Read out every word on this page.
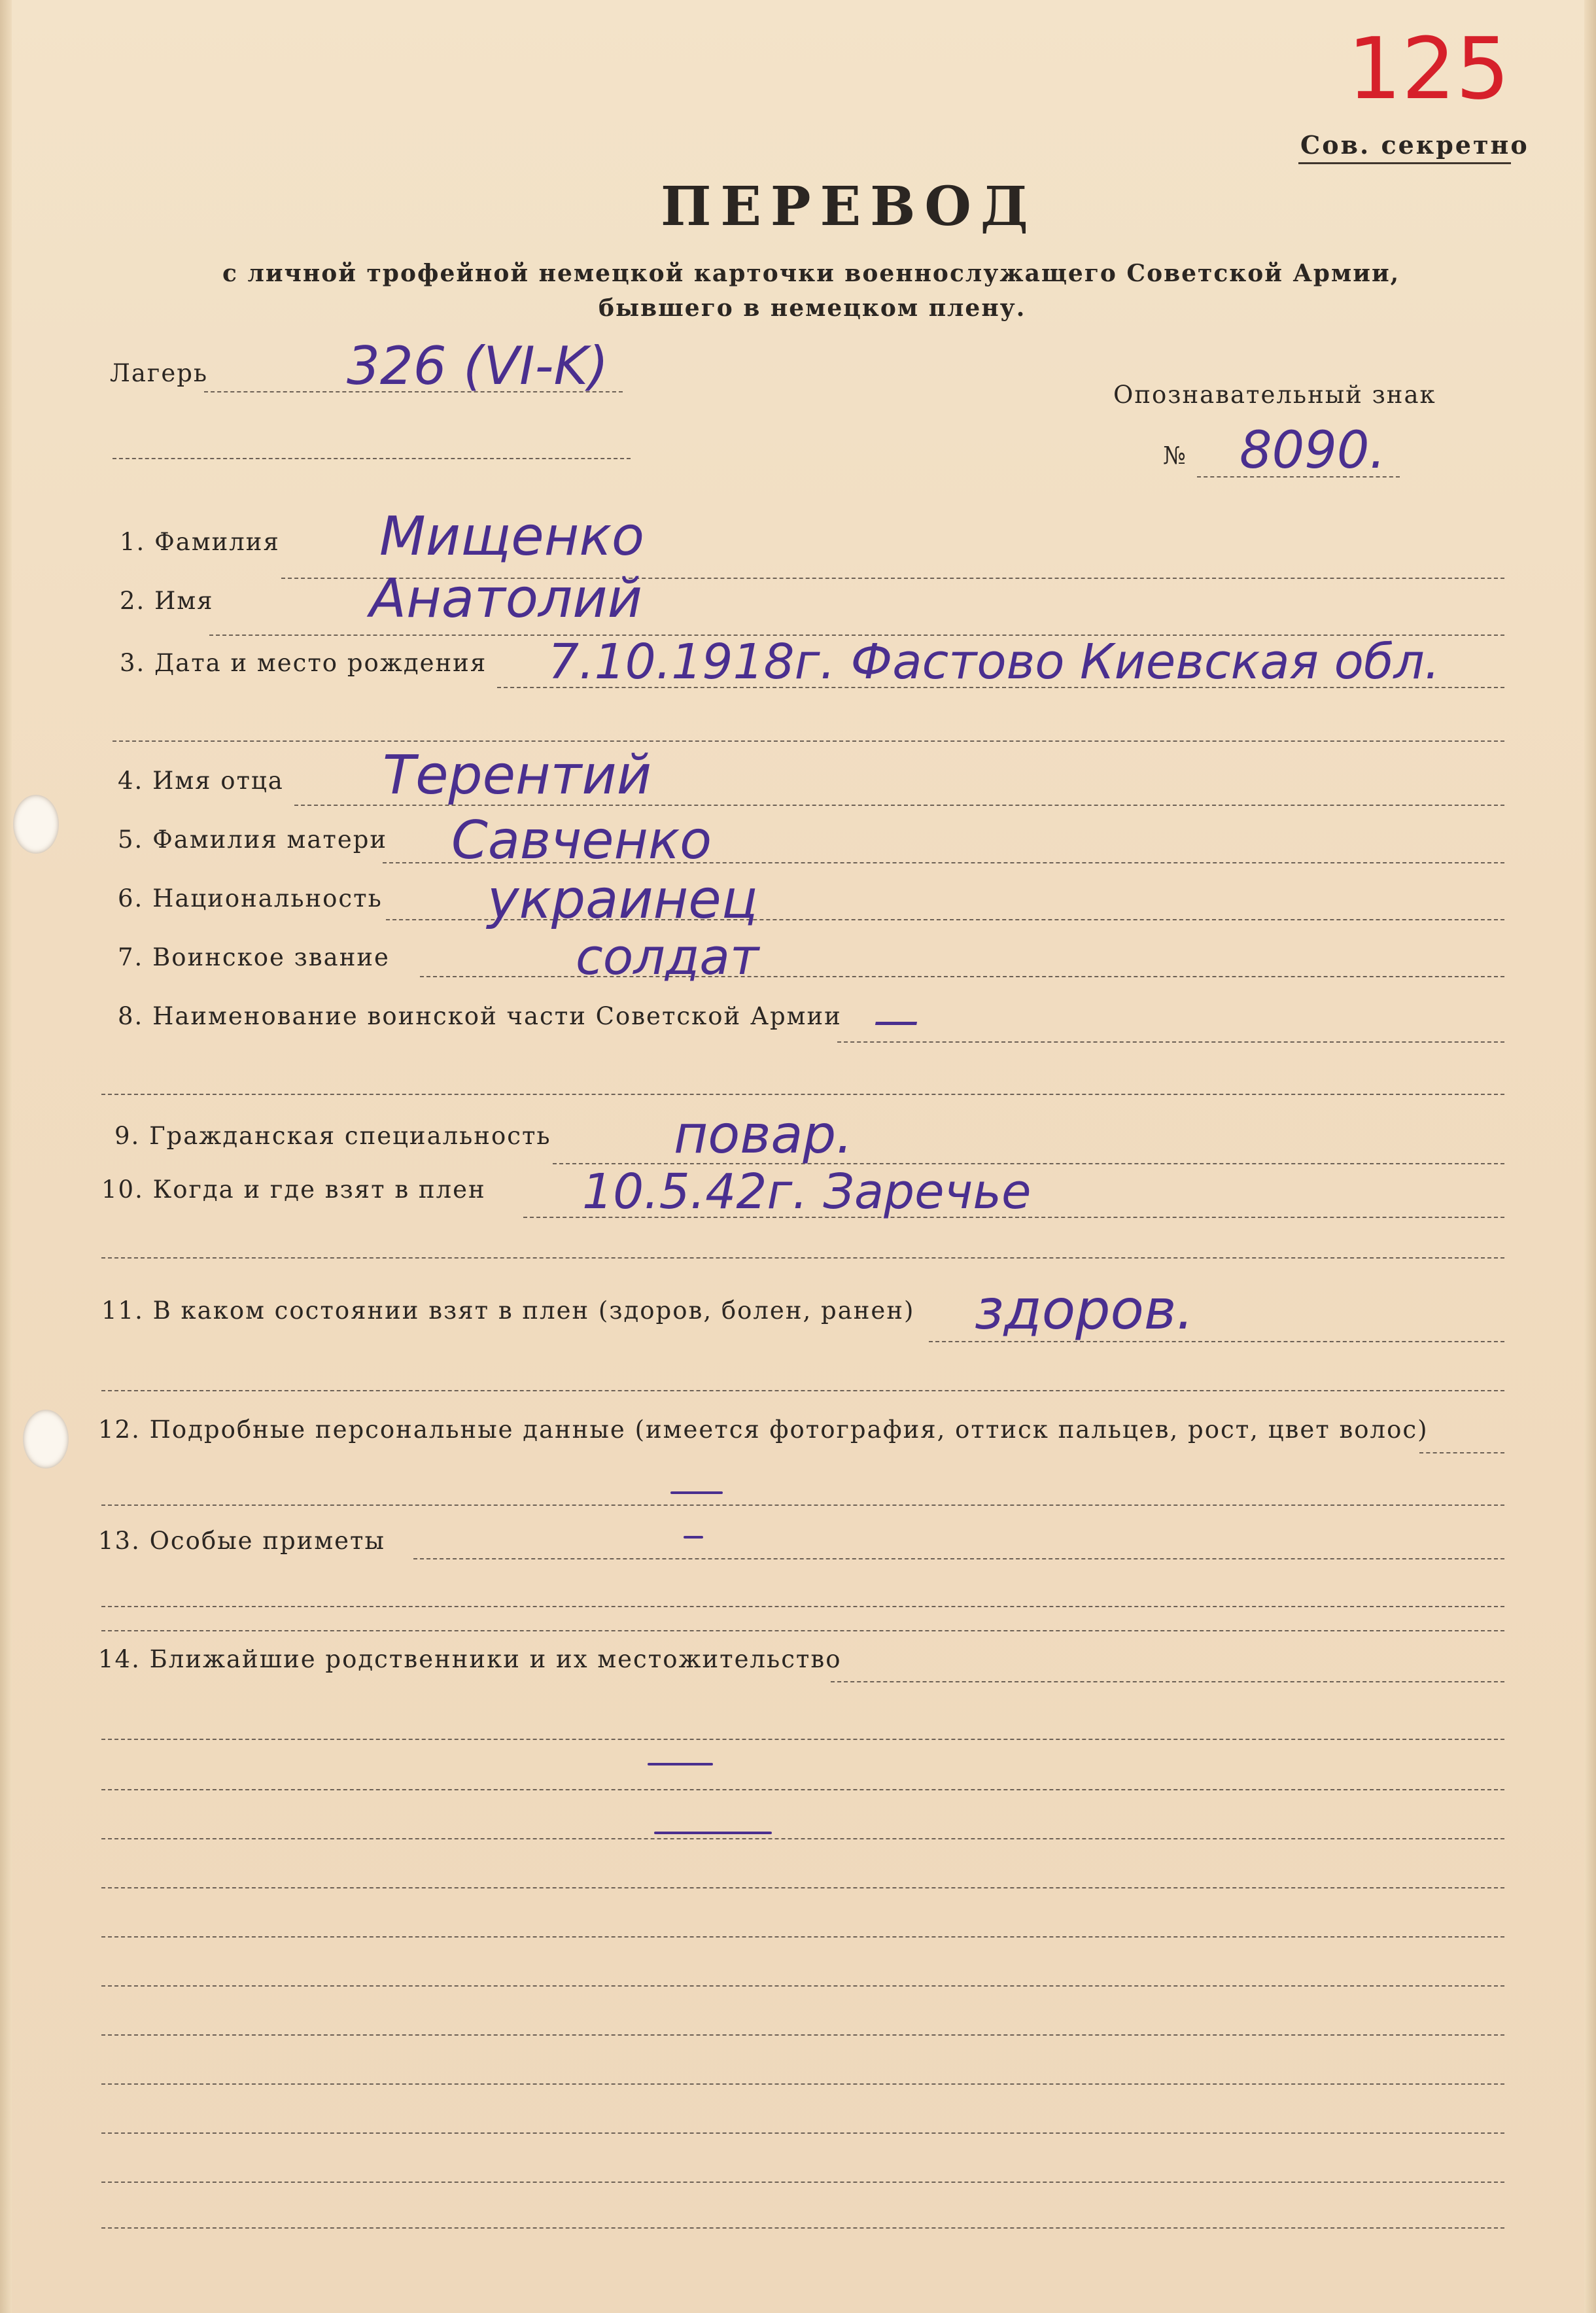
125
Сов. секретно
ПЕРЕВОД
с личной трофейной немецкой карточки военнослужащего Советской Армии,
бывшего в немецком плену.
Лагерь	326 (VI-K)	Опознавательный знак
№ 8090.
1. Фамилия Мищенко
2. Имя	Анатолий
3. Дата и место рождения 7.10.1918г. Фастово Киевская обл.
4. Имя отца Терентий
5. Фамилия матери Савченко
6. Национальность украинец
7. Воинское звание	солдат
8. Наименование воинской части Советской Армии —
9. Гражданская специальность повар.
10. Когда и где взят в плен 10.5.42г. Заречье
11. В каком состоянии взят в плен (здоров, болен, ранен) здоров.
12. Подробные персональные данные (имеется фотография, оттиск пальцев, рост, цвет волос)
13. Особые приметы
14. Ближайшие родственники и их местожительство
